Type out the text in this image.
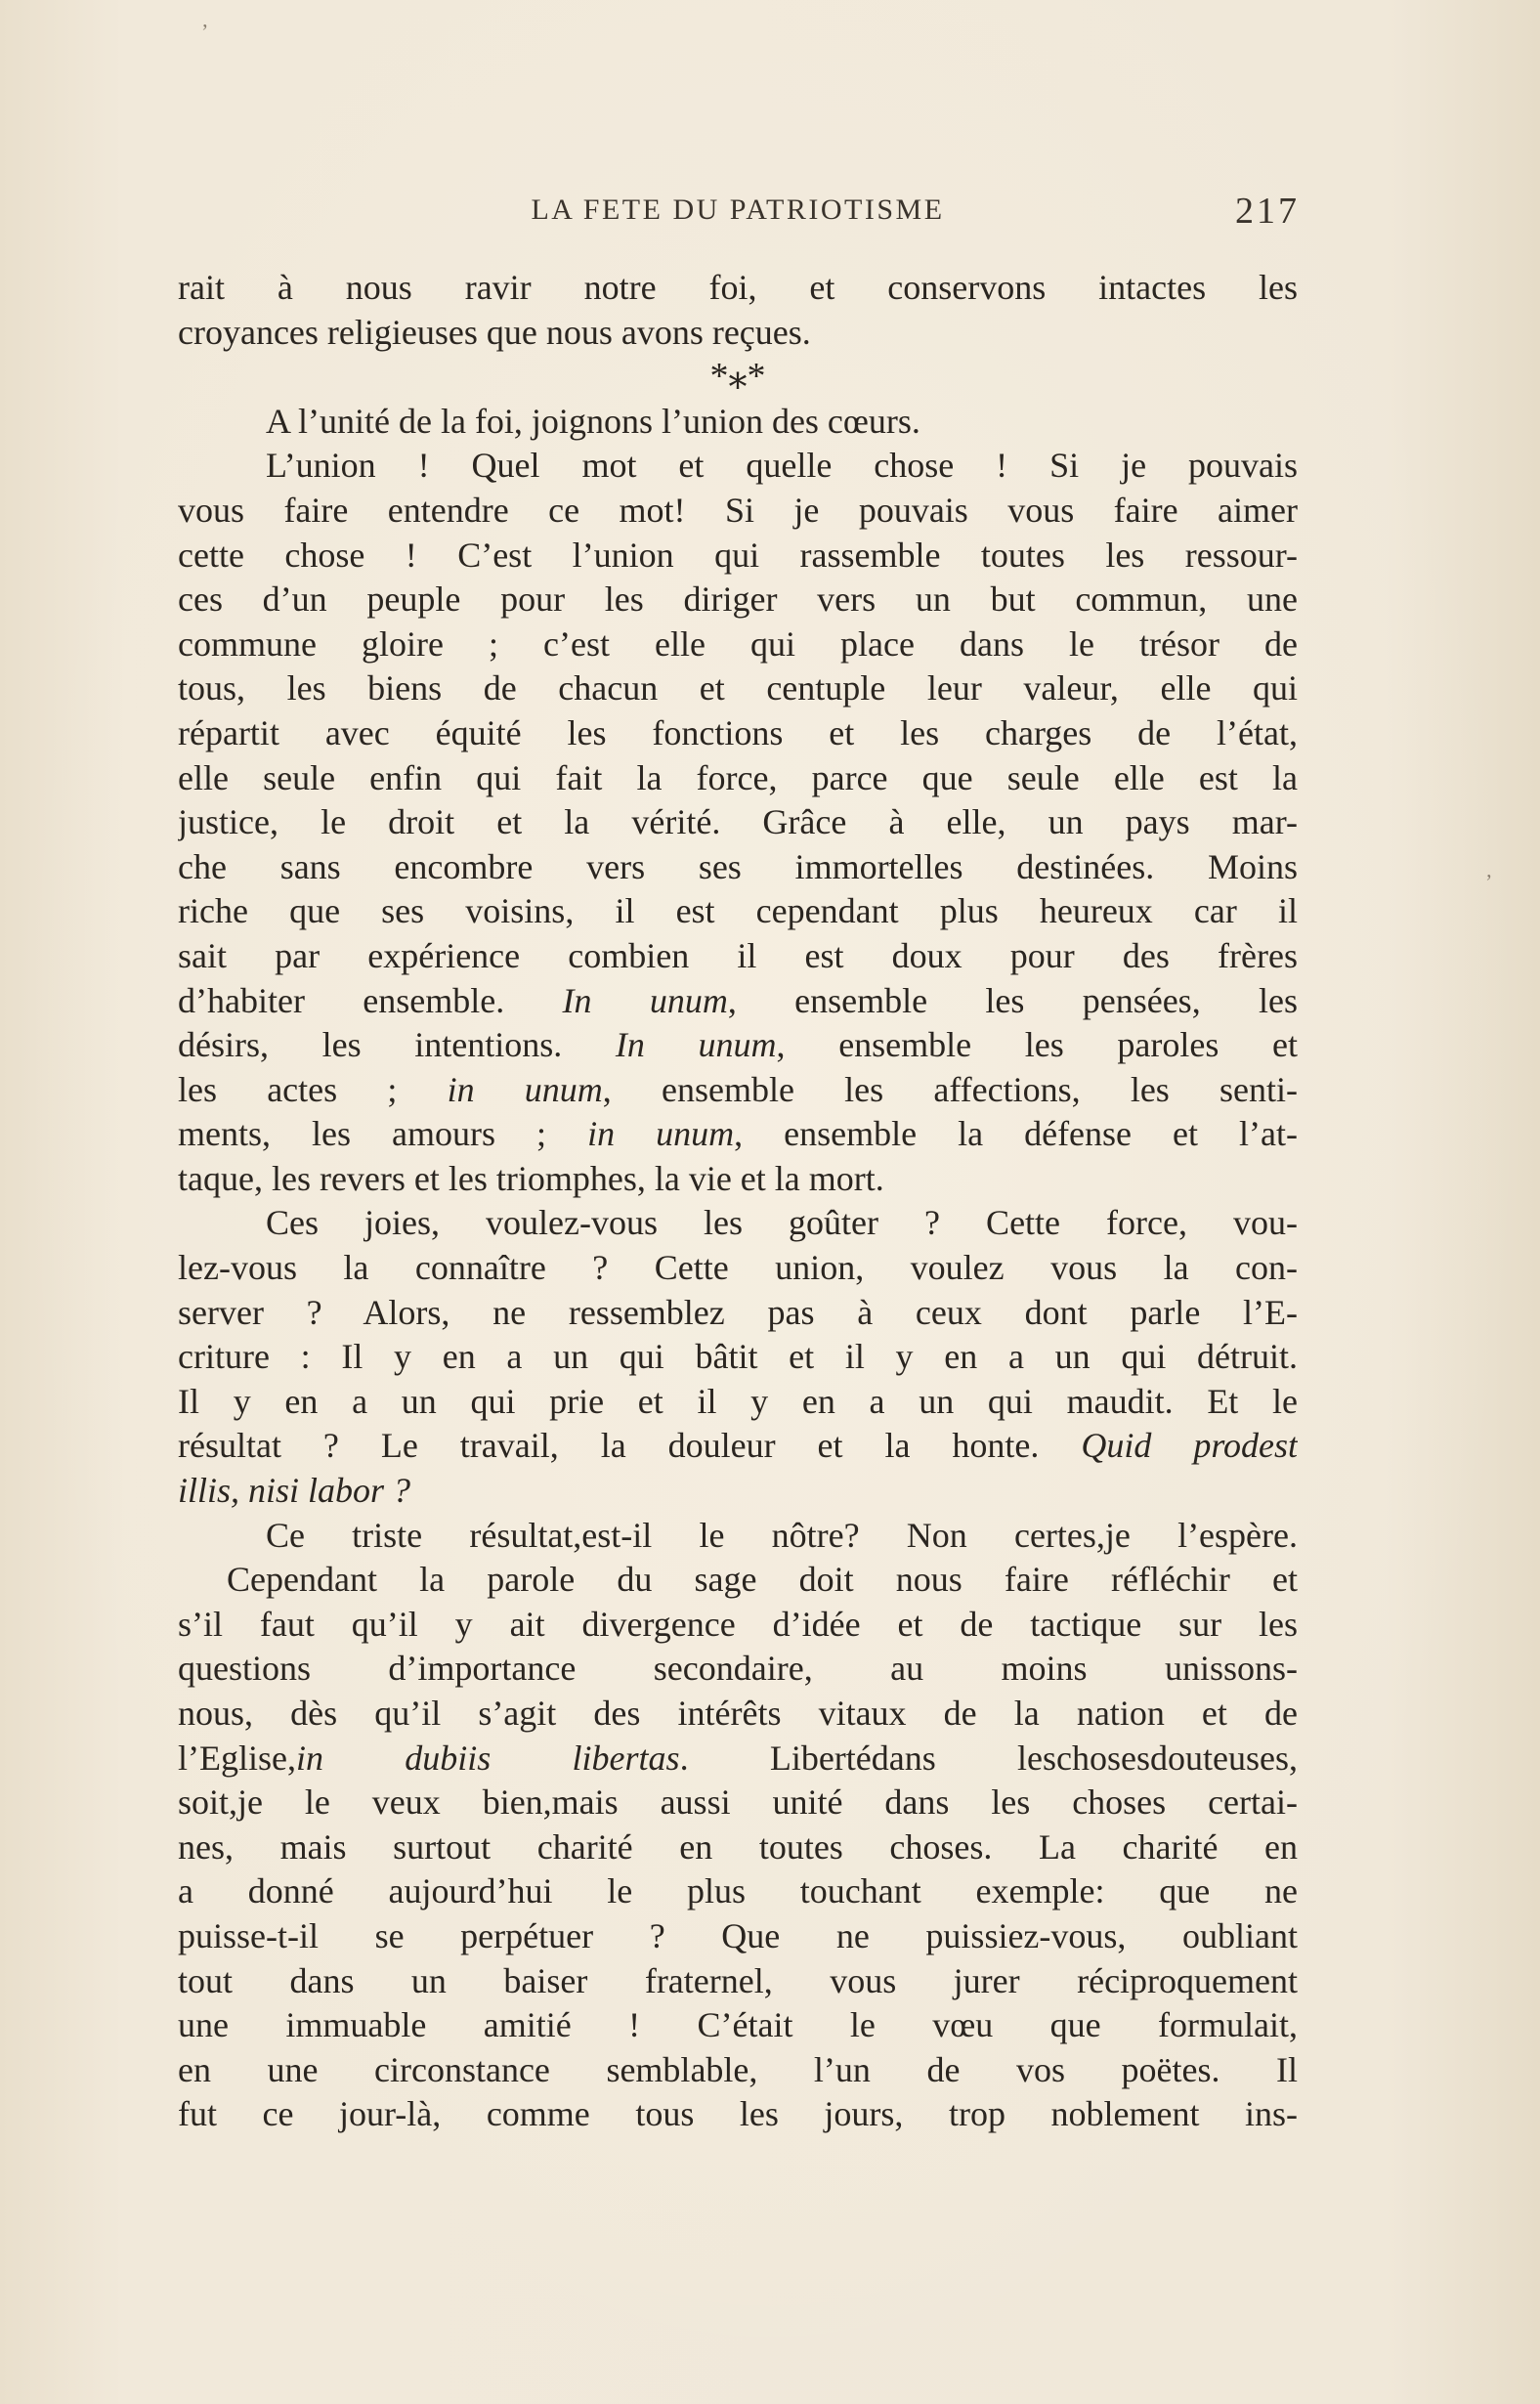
LA FETE DU PATRIOTISME	217
rait à nous ravir notre foi, et conservons intactes les
croyances religieuses que nous avons reçues.
*⁎*
A l’unité de la foi, joignons l’union des cœurs.
L’union ! Quel mot et quelle chose ! Si je pouvais
vous faire entendre ce mot! Si je pouvais vous faire aimer
cette chose ! C’est l’union qui rassemble toutes les ressour-
ces d’un peuple pour les diriger vers un but commun, une
commune gloire ; c’est elle qui place dans le trésor de
tous, les biens de chacun et centuple leur valeur, elle qui
répartit avec équité les fonctions et les charges de l’état,
elle seule enfin qui fait la force, parce que seule elle est la
justice, le droit et la vérité. Grâce à elle, un pays mar-
che sans encombre vers ses immortelles destinées. Moins
riche que ses voisins, il est cependant plus heureux car il
sait par expérience combien il est doux pour des frères
d’habiter ensemble. In unum, ensemble les pensées, les
désirs, les intentions. In unum, ensemble les paroles et
les actes ; in unum, ensemble les affections, les senti-
ments, les amours ; in unum, ensemble la défense et l’at-
taque, les revers et les triomphes, la vie et la mort.
Ces joies, voulez-vous les goûter ? Cette force, vou-
lez-vous la connaître ? Cette union, voulez vous la con-
server ? Alors, ne ressemblez pas à ceux dont parle l’E-
criture : Il y en a un qui bâtit et il y en a un qui détruit.
Il y en a un qui prie et il y en a un qui maudit. Et le
résultat ? Le travail, la douleur et la honte. Quid prodest
illis, nisi labor ?
Ce triste résultat,est-il le nôtre? Non certes,je l’espère.
Cependant la parole du sage doit nous faire réfléchir et
s’il faut qu’il y ait divergence d’idée et de tactique sur les
questions d’importance secondaire, au moins unissons-
nous, dès qu’il s’agit des intérêts vitaux de la nation et de
l’Eglise,in dubiis libertas. Libertédans leschosesdouteuses,
soit,je le veux bien,mais aussi unité dans les choses certai-
nes, mais surtout charité en toutes choses. La charité en
a donné aujourd’hui le plus touchant exemple: que ne
puisse-t-il se perpétuer ? Que ne puissiez-vous, oubliant
tout dans un baiser fraternel, vous jurer réciproquement
une immuable amitié ! C’était le vœu que formulait,
en une circonstance semblable, l’un de vos poëtes. Il
fut ce jour-là, comme tous les jours, trop noblement ins-
ʼ
ʼ
